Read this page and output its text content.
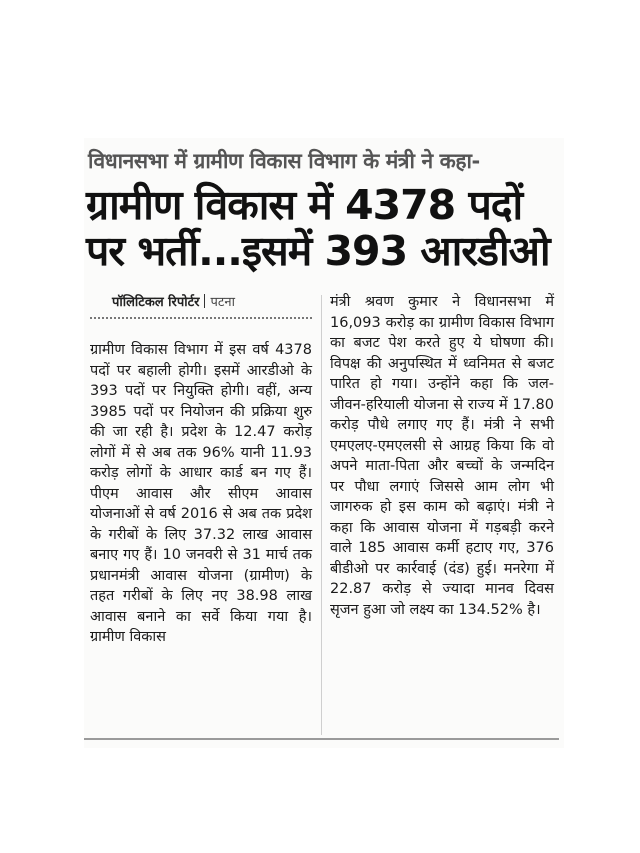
विधानसभा में ग्रामीण विकास विभाग के मंत्री ने कहा-
ग्रामीण विकास में 4378 पदों
पर भर्ती...इसमें 393 आरडीओ
पॉलिटिकल रिपोर्टर पटना
ग्रामीण विकास विभाग में इस वर्ष 4378 पदों पर बहाली होगी। इसमें आरडीओ के 393 पदों पर नियुक्ति होगी। वहीं, अन्य 3985 पदों पर नियोजन की प्रक्रिया शुरु की जा रही है। प्रदेश के 12.47 करोड़ लोगों में से अब तक 96% यानी 11.93 करोड़ लोगों के आधार कार्ड बन गए हैं। पीएम आवास और सीएम आवास योजनाओं से वर्ष 2016 से अब तक प्रदेश के गरीबों के लिए 37.32 लाख आवास बनाए गए हैं। 10 जनवरी से 31 मार्च तक प्रधानमंत्री आवास योजना (ग्रामीण) के तहत गरीबों के लिए नए 38.98 लाख आवास बनाने का सर्वे किया गया है। ग्रामीण विकास
मंत्री श्रवण कुमार ने विधानसभा में 16,093 करोड़ का ग्रामीण विकास विभाग का बजट पेश करते हुए ये घोषणा की। विपक्ष की अनुपस्थित में ध्वनिमत से बजट पारित हो गया। उन्होंने कहा कि जल-जीवन-हरियाली योजना से राज्य में 17.80 करोड़ पौधे लगाए गए हैं। मंत्री ने सभी एमएलए-एमएलसी से आग्रह किया कि वो अपने माता-पिता और बच्चों के जन्मदिन पर पौधा लगाएं जिससे आम लोग भी जागरुक हो इस काम को बढ़ाएं। मंत्री ने कहा कि आवास योजना में गड़बड़ी करने वाले 185 आवास कर्मी हटाए गए, 376 बीडीओ पर कार्रवाई (दंड) हुई। मनरेगा में 22.87 करोड़ से ज्यादा मानव दिवस सृजन हुआ जो लक्ष्य का 134.52% है।
